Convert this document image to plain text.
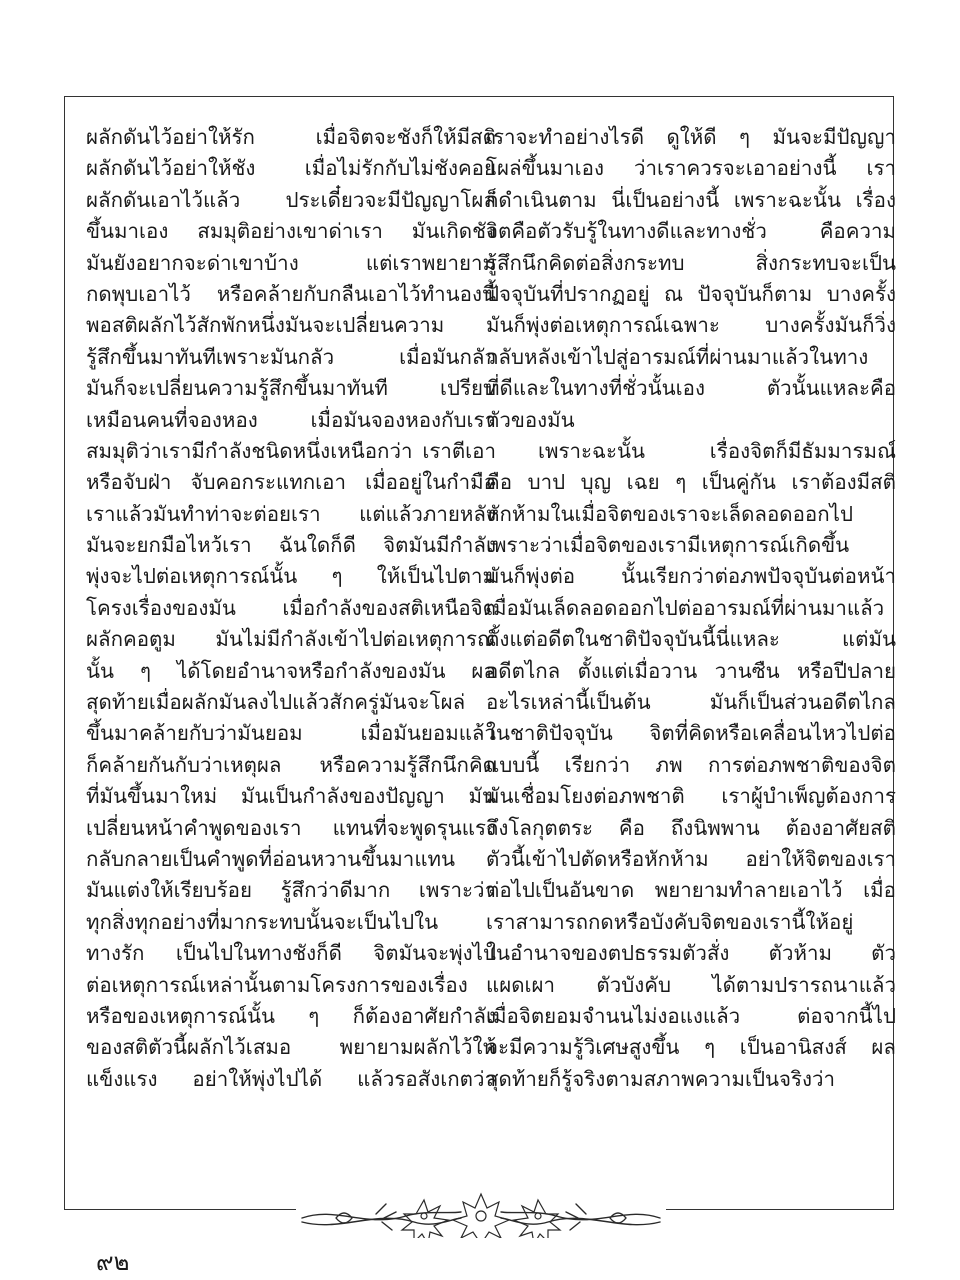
ผลักดันไว้อย่าให้รัก เมื่อจิตจะชังก็ให้มีสติ
ผลักดันไว้อย่าให้ชัง เมื่อไม่รักกับไม่ชังคอย
ผลักดันเอาไว้แล้ว ประเดี๋ยวจะมีปัญญาโผล่
ขึ้นมาเอง สมมุติอย่างเขาด่าเรา มันเกิดชัง
มันยังอยากจะด่าเขาบ้าง แต่เราพยายาม
กดพุบเอาไว้ หรือคล้ายกับกลืนเอาไว้ทำนองนี้
พอสติผลักไว้สักพักหนึ่งมันจะเปลี่ยนความ
รู้สึกขึ้นมาทันทีเพราะมันกลัว เมื่อมันกลัว
มันก็จะเปลี่ยนความรู้สึกขึ้นมาทันที เปรียบ
เหมือนคนที่จองหอง เมื่อมันจองหองกับเรา
สมมุติว่าเรามีกำลังชนิดหนึ่งเหนือกว่า เราตีเอา
หรือจับฝ่า จับคอกระแทกเอา เมื่ออยู่ในกำมือ
เราแล้วมันทำท่าจะต่อยเรา แต่แล้วภายหลัง
มันจะยกมือไหว้เรา ฉันใดก็ดี จิตมันมีกำลัง
พุ่งจะไปต่อเหตุการณ์นั้น ๆ ให้เป็นไปตาม
โครงเรื่องของมัน เมื่อกำลังของสติเหนือจิต
ผลักคอตูม มันไม่มีกำลังเข้าไปต่อเหตุการณ์
นั้น ๆ ได้โดยอำนาจหรือกำลังของมัน ผล
สุดท้ายเมื่อผลักมันลงไปแล้วสักครู่มันจะโผล่
ขึ้นมาคล้ายกับว่ามันยอม เมื่อมันยอมแล้ว
ก็คล้ายกันกับว่าเหตุผล หรือความรู้สึกนึกคิด
ที่มันขึ้นมาใหม่ มันเป็นกำลังของปัญญา มัน
เปลี่ยนหน้าคำพูดของเรา แทนที่จะพูดรุนแรง
กลับกลายเป็นคำพูดที่อ่อนหวานขึ้นมาแทน
มันแต่งให้เรียบร้อย รู้สึกว่าดีมาก เพราะว่า
ทุกสิ่งทุกอย่างที่มากระทบนั้นจะเป็นไปใน
ทางรัก เป็นไปในทางชังก็ดี จิตมันจะพุ่งไป
ต่อเหตุการณ์เหล่านั้นตามโครงการของเรื่อง
หรือของเหตุการณ์นั้น ๆ ก็ต้องอาศัยกำลัง
ของสติตัวนี้ผลักไว้เสมอ พยายามผลักไว้ให้
แข็งแรง อย่าให้พุ่งไปได้ แล้วรอสังเกตว่า
เราจะทำอย่างไรดี ดูให้ดี ๆ มันจะมีปัญญา
โผล่ขึ้นมาเอง ว่าเราควรจะเอาอย่างนี้ เรา
ก็ดำเนินตาม นี่เป็นอย่างนี้ เพราะฉะนั้น เรื่อง
จิตคือตัวรับรู้ในทางดีและทางชั่ว คือความ
รู้สึกนึกคิดต่อสิ่งกระทบ สิ่งกระทบจะเป็น
ปัจจุบันที่ปรากฏอยู่ ณ ปัจจุบันก็ตาม บางครั้ง
มันก็พุ่งต่อเหตุการณ์เฉพาะ บางครั้งมันก็วิ่ง
กลับหลังเข้าไปสู่อารมณ์ที่ผ่านมาแล้วในทาง
ที่ดีและในทางที่ชั่วนั้นเอง ตัวนั้นแหละคือ
ตัวของมัน
เพราะฉะนั้น เรื่องจิตก็มีธัมมารมณ์
คือ บาป บุญ เฉย ๆ เป็นคู่กัน เราต้องมีสติ
หักห้ามในเมื่อจิตของเราจะเล็ดลอดออกไป
เพราะว่าเมื่อจิตของเรามีเหตุการณ์เกิดขึ้น
มันก็พุ่งต่อ นั้นเรียกว่าต่อภพปัจจุบันต่อหน้า
เมื่อมันเล็ดลอดออกไปต่ออารมณ์ที่ผ่านมาแล้ว
ตั้งแต่อดีตในชาติปัจจุบันนี้นี่แหละ แต่มัน
อดีตไกล ตั้งแต่เมื่อวาน วานซืน หรือปีปลาย
อะไรเหล่านี้เป็นต้น มันก็เป็นส่วนอดีตไกล
ในชาติปัจจุบัน จิตที่คิดหรือเคลื่อนไหวไปต่อ
แบบนี้ เรียกว่า ภพ การต่อภพชาติของจิต
มันเชื่อมโยงต่อภพชาติ เราผู้บำเพ็ญต้องการ
ถึงโลกุตตระ คือ ถึงนิพพาน ต้องอาศัยสติ
ตัวนี้เข้าไปตัดหรือหักห้าม อย่าให้จิตของเรา
ต่อไปเป็นอันขาด พยายามทำลายเอาไว้ เมื่อ
เราสามารถกดหรือบังคับจิตของเรานี้ให้อยู่
ในอำนาจของตปธรรมตัวสั่ง ตัวห้าม ตัว
แผดเผา ตัวบังคับ ได้ตามปรารถนาแล้ว
เมื่อจิตยอมจำนนไม่งอแงแล้ว ต่อจากนี้ไป
จะมีความรู้วิเศษสูงขึ้น ๆ เป็นอานิสงส์ ผล
สุดท้ายก็รู้จริงตามสภาพความเป็นจริงว่า
๙๒
